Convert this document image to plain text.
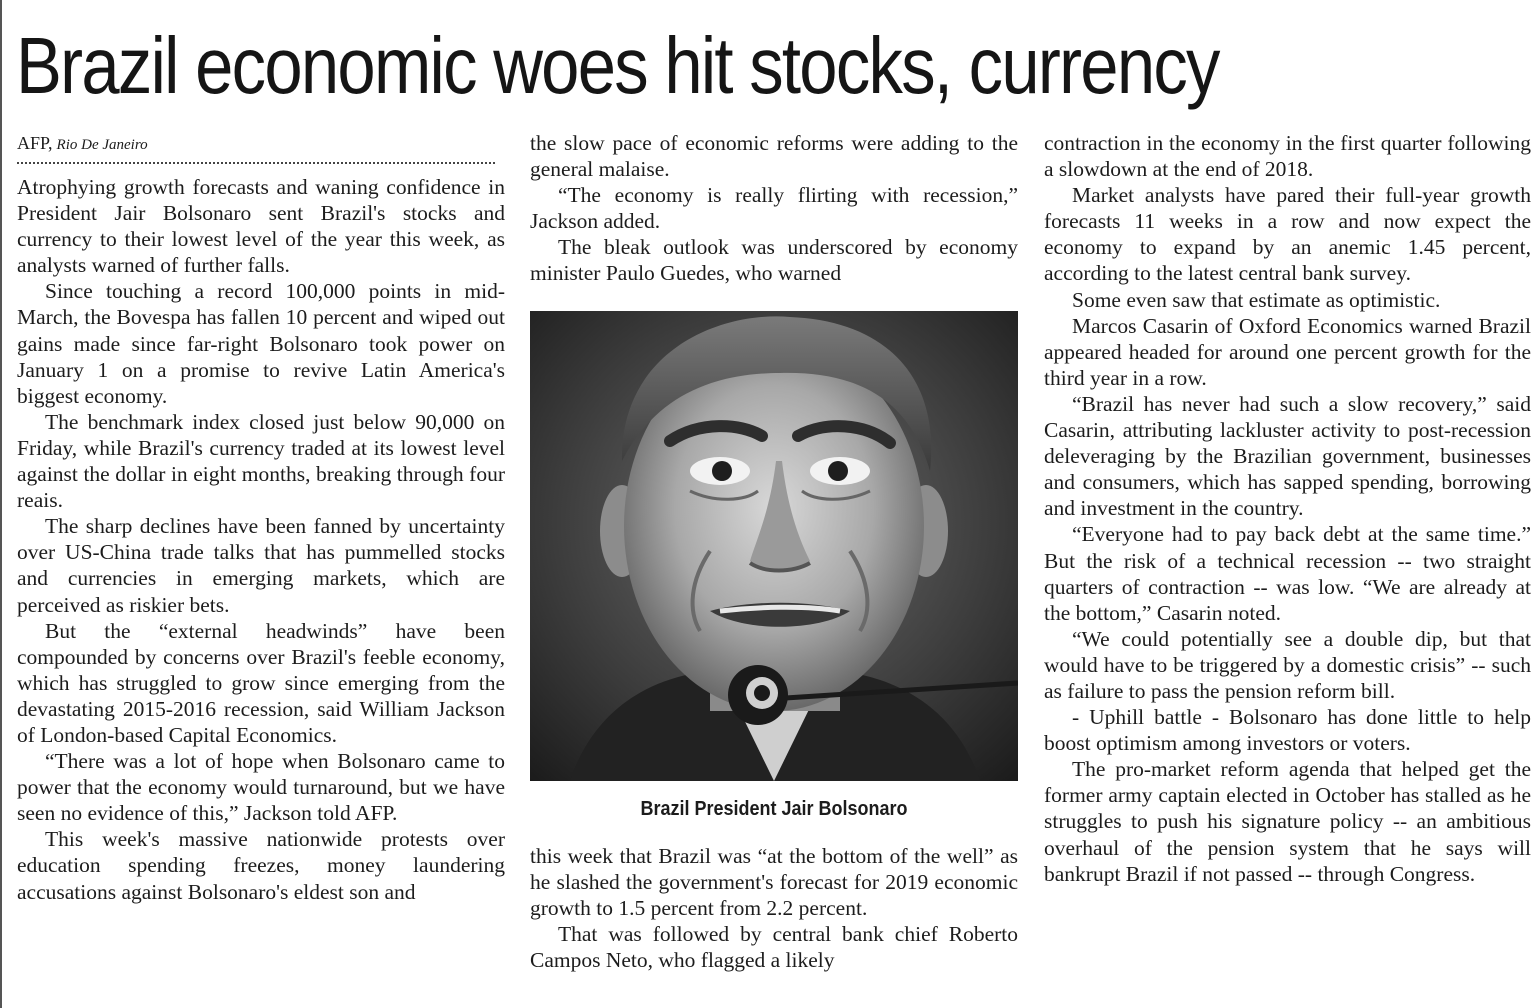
Brazil economic woes hit stocks, currency
AFP, Rio De Janeiro

Atrophying growth forecasts and waning confidence in President Jair Bolsonaro sent Brazil's stocks and currency to their lowest level of the year this week, as analysts warned of further falls.

Since touching a record 100,000 points in mid-March, the Bovespa has fallen 10 percent and wiped out gains made since far-right Bolsonaro took power on January 1 on a promise to revive Latin America's biggest economy.

The benchmark index closed just below 90,000 on Friday, while Brazil's currency traded at its lowest level against the dollar in eight months, breaking through four reais.

The sharp declines have been fanned by uncertainty over US-China trade talks that has pummelled stocks and currencies in emerging markets, which are perceived as riskier bets.

But the “external headwinds” have been compounded by concerns over Brazil's feeble economy, which has struggled to grow since emerging from the devastating 2015-2016 recession, said William Jackson of London-based Capital Economics.

“There was a lot of hope when Bolsonaro came to power that the economy would turnaround, but we have seen no evidence of this,” Jackson told AFP.

This week's massive nationwide protests over education spending freezes, money laundering accusations against Bolsonaro's eldest son and

the slow pace of economic reforms were adding to the general malaise.

“The economy is really flirting with recession,” Jackson added.

The bleak outlook was underscored by economy minister Paulo Guedes, who warned

Brazil President Jair Bolsonaro

this week that Brazil was “at the bottom of the well” as he slashed the government's forecast for 2019 economic growth to 1.5 percent from 2.2 percent.

That was followed by central bank chief Roberto Campos Neto, who flagged a likely

contraction in the economy in the first quarter following a slowdown at the end of 2018.

Market analysts have pared their full-year growth forecasts 11 weeks in a row and now expect the economy to expand by an anemic 1.45 percent, according to the latest central bank survey.

Some even saw that estimate as optimistic.

Marcos Casarin of Oxford Economics warned Brazil appeared headed for around one percent growth for the third year in a row.

“Brazil has never had such a slow recovery,” said Casarin, attributing lackluster activity to post-recession deleveraging by the Brazilian government, businesses and consumers, which has sapped spending, borrowing and investment in the country.

“Everyone had to pay back debt at the same time.” But the risk of a technical recession -- two straight quarters of contraction -- was low. “We are already at the bottom,” Casarin noted.

“We could potentially see a double dip, but that would have to be triggered by a domestic crisis” -- such as failure to pass the pension reform bill.

- Uphill battle - Bolsonaro has done little to help boost optimism among investors or voters.

The pro-market reform agenda that helped get the former army captain elected in October has stalled as he struggles to push his signature policy -- an ambitious overhaul of the pension system that he says will bankrupt Brazil if not passed -- through Congress.
